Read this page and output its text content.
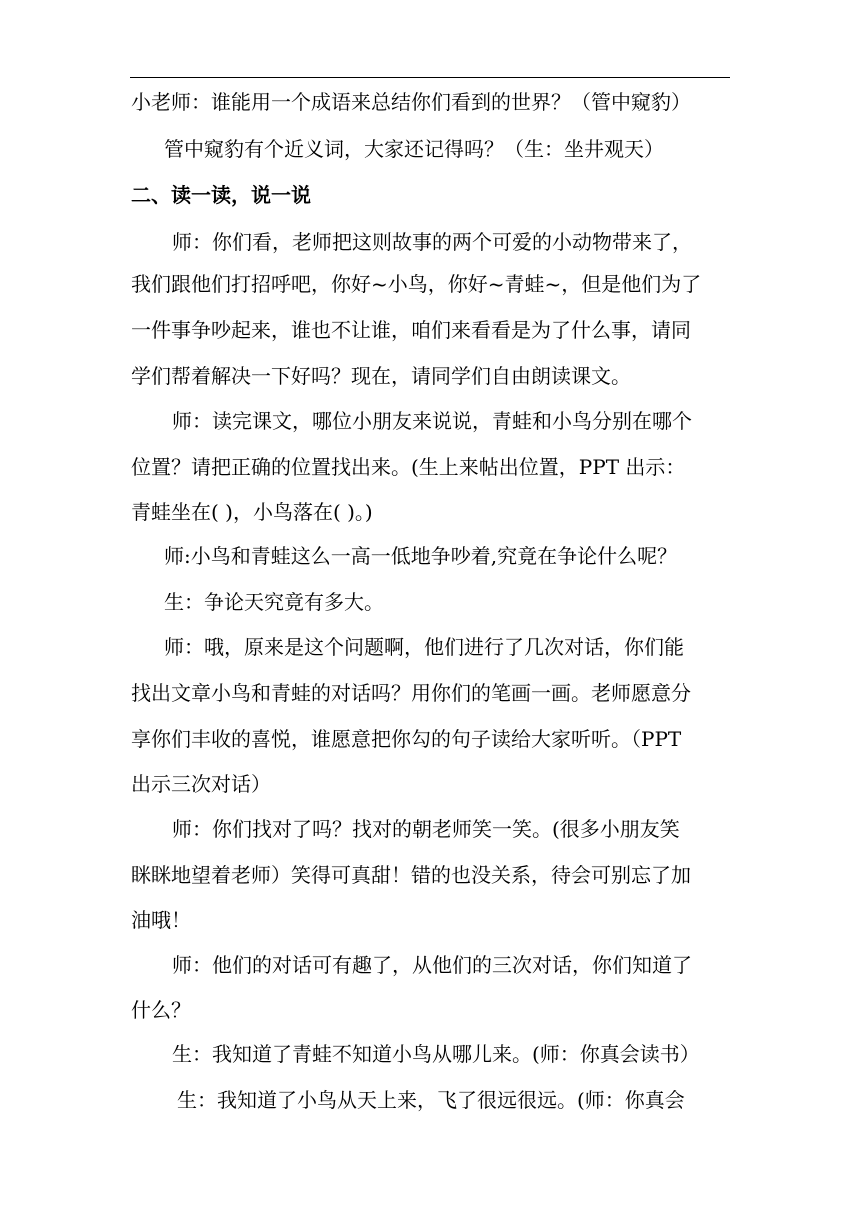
小老师：谁能用一个成语来总结你们看到的世界？（管中窥豹）
管中窥豹有个近义词，大家还记得吗？（生：坐井观天）
二、读一读，说一说
师：你们看，老师把这则故事的两个可爱的小动物带来了，
我们跟他们打招呼吧，你好~小鸟，你好~青蛙~，但是他们为了
一件事争吵起来，谁也不让谁，咱们来看看是为了什么事，请同
学们帮着解决一下好吗？现在，请同学们自由朗读课文。
师：读完课文，哪位小朋友来说说，青蛙和小鸟分别在哪个
位置？请把正确的位置找出来。(生上来帖出位置，PPT 出示：
青蛙坐在( )，小鸟落在( )。)
师:小鸟和青蛙这么一高一低地争吵着,究竟在争论什么呢？
生：争论天究竟有多大。
师：哦，原来是这个问题啊，他们进行了几次对话，你们能
找出文章小鸟和青蛙的对话吗？用你们的笔画一画。老师愿意分
享你们丰收的喜悦，谁愿意把你勾的句子读给大家听听。（PPT
出示三次对话）
师：你们找对了吗？找对的朝老师笑一笑。(很多小朋友笑
眯眯地望着老师）笑得可真甜！错的也没关系，待会可别忘了加
油哦！
师：他们的对话可有趣了，从他们的三次对话，你们知道了
什么？
生：我知道了青蛙不知道小鸟从哪儿来。(师：你真会读书）
生：我知道了小鸟从天上来，飞了很远很远。(师：你真会
